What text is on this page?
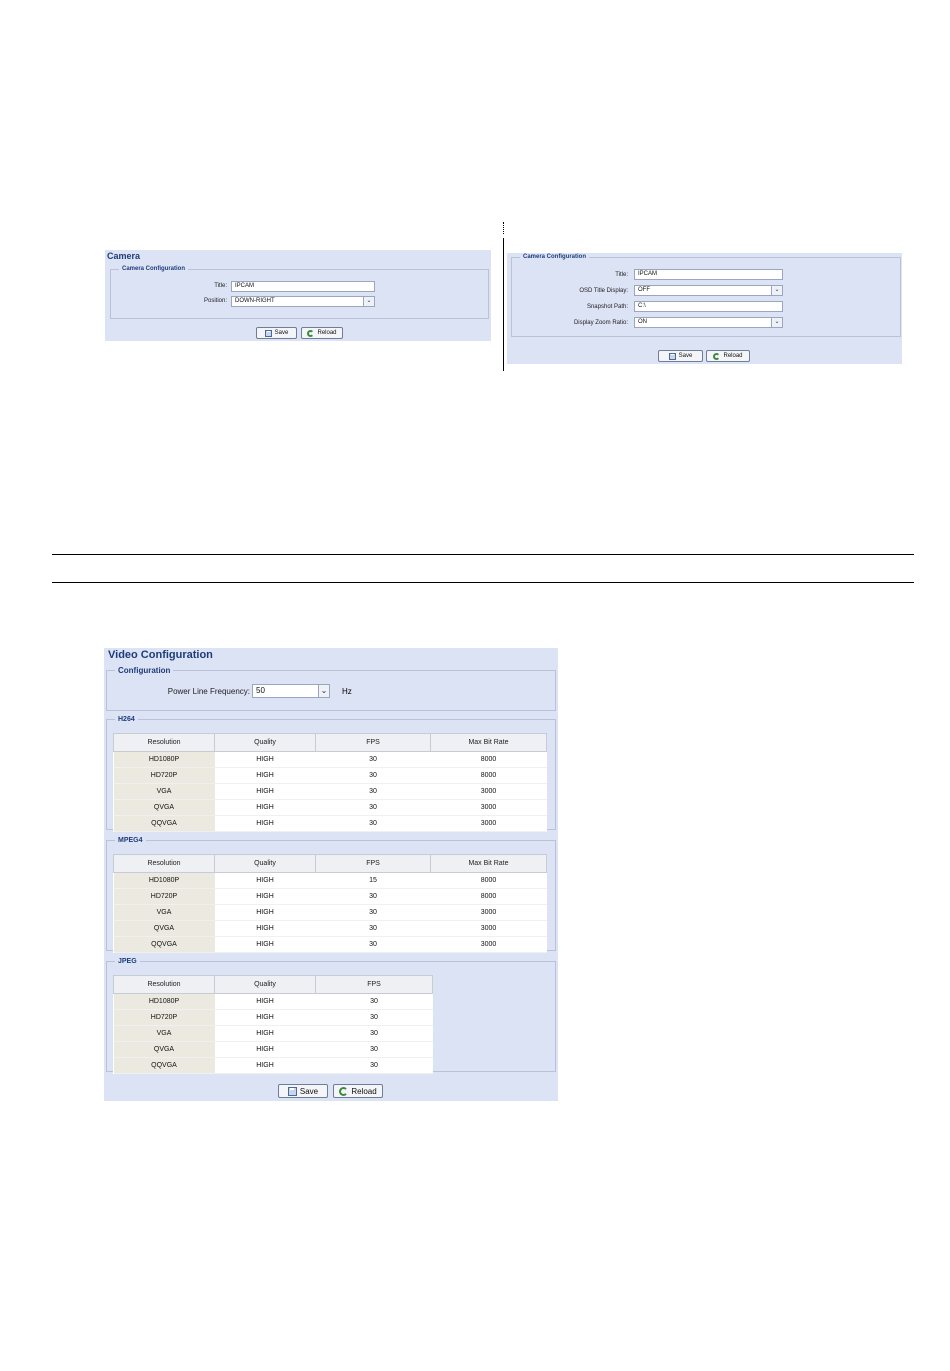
Camera
Camera Configuration
Title:	IPCAM
Position:	DOWN-RIGHT	⌄
Save	Reload
Camera Configuration
Title:	IPCAM
OSD Title Display:	OFF	⌄
Snapshot Path:	C:\
Display Zoom Ratio:	ON	⌄
Save	Reload
Video Configuration
Configuration
Power Line Frequency: 50	⌄ Hz
H264
Resolution	Quality	FPS	Max Bit Rate
HD1080P	HIGH	30	8000
HD720P	HIGH	30	8000
VGA	HIGH	30	3000
QVGA	HIGH	30	3000
QQVGA	HIGH	30	3000
MPEG4
Resolution	Quality	FPS	Max Bit Rate
HD1080P	HIGH	15	8000
HD720P	HIGH	30	8000
VGA	HIGH	30	3000
QVGA	HIGH	30	3000
QQVGA	HIGH	30	3000
JPEG
Resolution	Quality	FPS
HD1080P	HIGH	30
HD720P	HIGH	30
VGA	HIGH	30
QVGA	HIGH	30
QQVGA	HIGH	30
Save	Reload
